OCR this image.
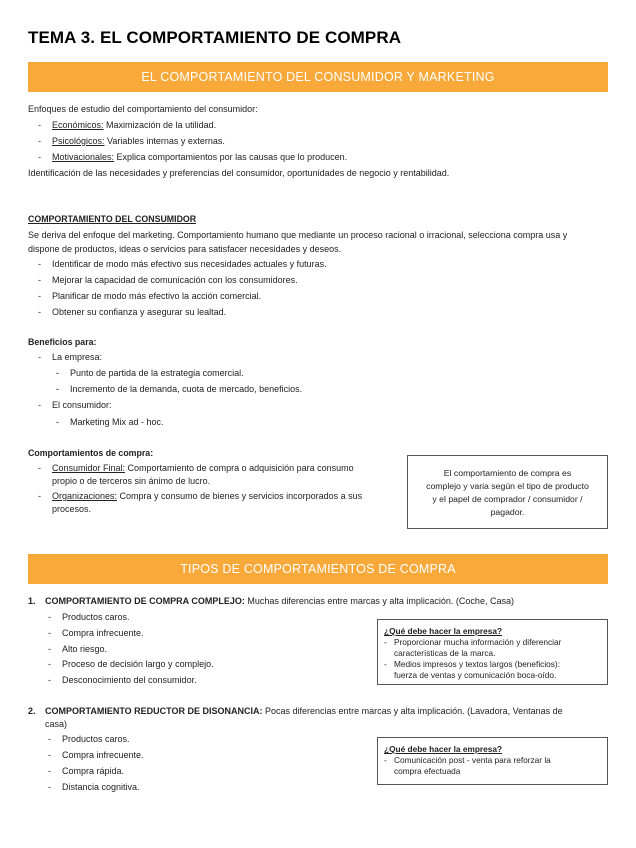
TEMA 3. EL COMPORTAMIENTO DE COMPRA
EL COMPORTAMIENTO DEL CONSUMIDOR Y MARKETING
Enfoques de estudio del comportamiento del consumidor:
- Económicos: Maximización de la utilidad.
- Psicológicos: Variables internas y externas.
- Motivacionales: Explica comportamientos por las causas que lo producen.
Identificación de las necesidades y preferencias del consumidor, oportunidades de negocio y rentabilidad.
COMPORTAMIENTO DEL CONSUMIDOR
Se deriva del enfoque del marketing. Comportamiento humano que mediante un proceso racional o irracional, selecciona compra usa y
dispone de productos, ideas o servicios para satisfacer necesidades y deseos.
- Identificar de modo más efectivo sus necesidades actuales y futuras.
- Mejorar la capacidad de comunicación con los consumidores.
- Planificar de modo más efectivo la acción comercial.
- Obtener su confianza y asegurar su lealtad.
Beneficios para:
- La empresa:
- Punto de partida de la estrategia comercial.
- Incremento de la demanda, cuota de mercado, beneficios.
- El consumidor:
- Marketing Mix ad - hoc.
Comportamientos de compra:
- Consumidor Final: Comportamiento de compra o adquisición para consumo
propio o de terceros sin ánimo de lucro.
- Organizaciones: Compra y consumo de bienes y servicios incorporados a sus
procesos.
El comportamiento de compra es
complejo y varia según el tipo de producto
y el papel de comprador / consumidor /
pagador.
TIPOS DE COMPORTAMIENTOS DE COMPRA
1. COMPORTAMIENTO DE COMPRA COMPLEJO: Muchas diferencias entre marcas y alta implicación. (Coche, Casa)
- Productos caros.
- Compra infrecuente.
- Alto riesgo.
- Proceso de decisión largo y complejo.
- Desconocimiento del consumidor.
¿Qué debe hacer la empresa?
- Proporcionar mucha información y diferenciar
características de la marca.
- Medios impresos y textos largos (beneficios):
fuerza de ventas y comunicación boca-oído.
2. COMPORTAMIENTO REDUCTOR DE DISONANCIA: Pocas diferencias entre marcas y alta implicación. (Lavadora, Ventanas de
casa)
- Productos caros.
- Compra infrecuente.
- Compra rápida.
- Distancia cognitiva.
¿Qué debe hacer la empresa?
- Comunicación post - venta para reforzar la
compra efectuada
